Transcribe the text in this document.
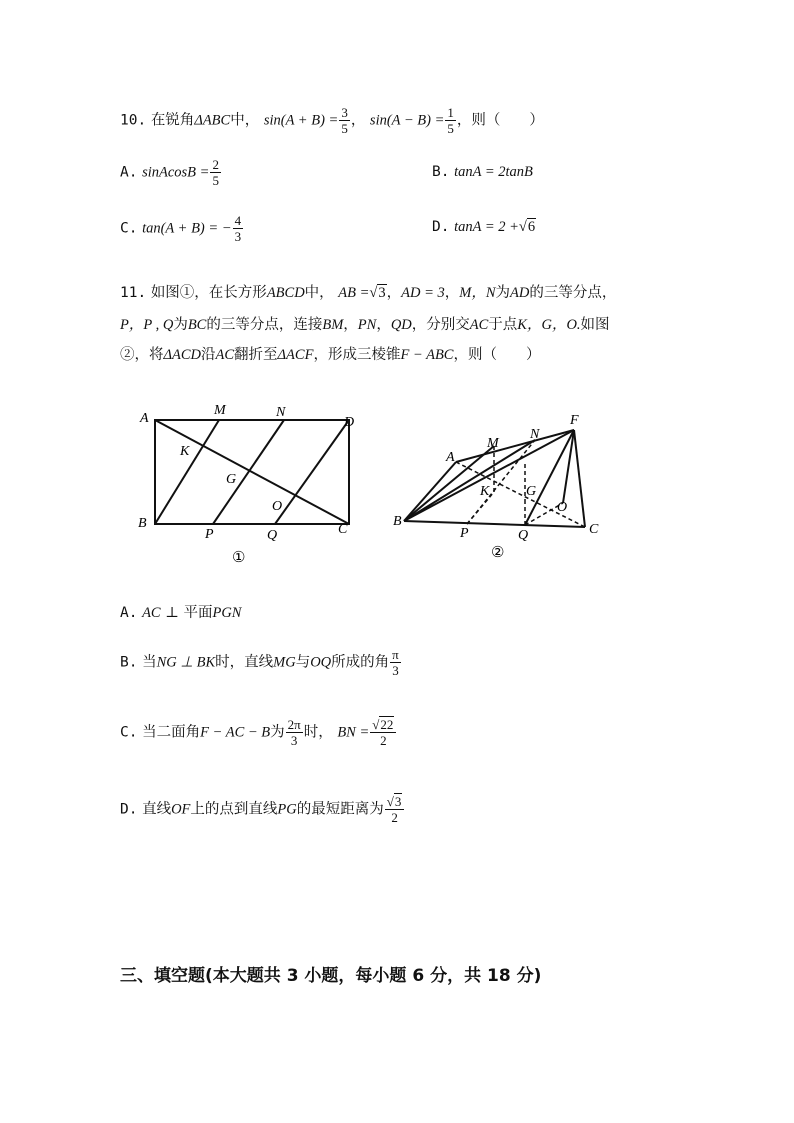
10. 在锐角ΔABC中， $\sin(A + B) = \frac{3}{5}$ ， $\sin(A - B) = \frac{1}{5}$ ，则（　　）
A. sinAcosB = $\frac{2}{5}$	B. tanA = 2tanB
C. tan(A + B) = − $\frac{4}{3}$	D. tanA = 2 +√6
11. 如图①，在长方形ABCD中， AB =√3，AD = 3，M，N为AD的三等分点，
P，P , Q为BC的三等分点，连接BM，PN，QD，分别交AC于点K，G，O.如图
②，将ΔACD沿AC翻折至ΔACF，形成三棱锥F − ABC，则（　　）
A
M	N
D
K
G
O
B
P	Q	C
①
F
M
N
A
K	G
O
B
P	Q	C
②
A. AC ⊥ 平面PGN
B. 当NG ⊥ BK时，直线MG与OQ所成的角 $\frac{\pi}{3}$
C. 当二面角F − AC − B为 $\frac{2\pi}{3}$ 时， BN = $\frac{√22}{2}$
D. 直线OF上的点到直线PG的最短距离为 $\frac{√3}{2}$
三、填空题(本大题共 3 小题，每小题 6 分，共 18 分)
